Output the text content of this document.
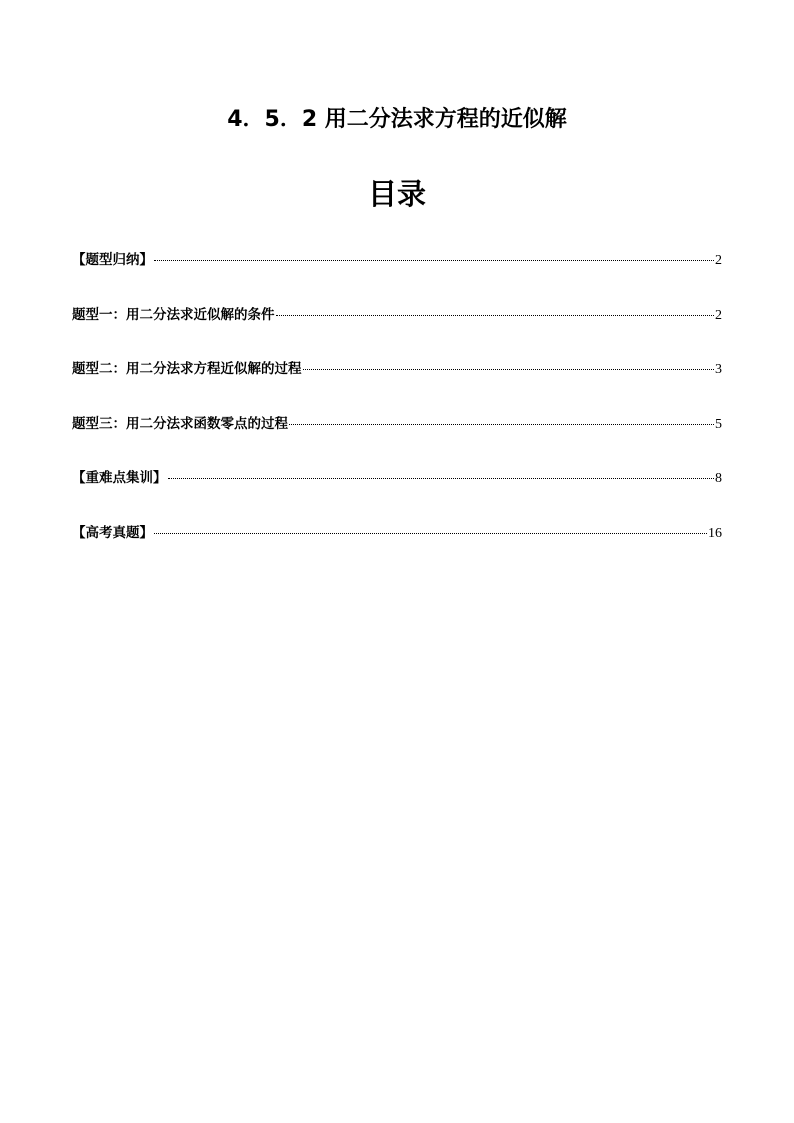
4．5．2 用二分法求方程的近似解
目录
【题型归纳】	2
题型一：用二分法求近似解的条件	2
题型二：用二分法求方程近似解的过程	3
题型三：用二分法求函数零点的过程	5
【重难点集训】	8
【高考真题】	16
